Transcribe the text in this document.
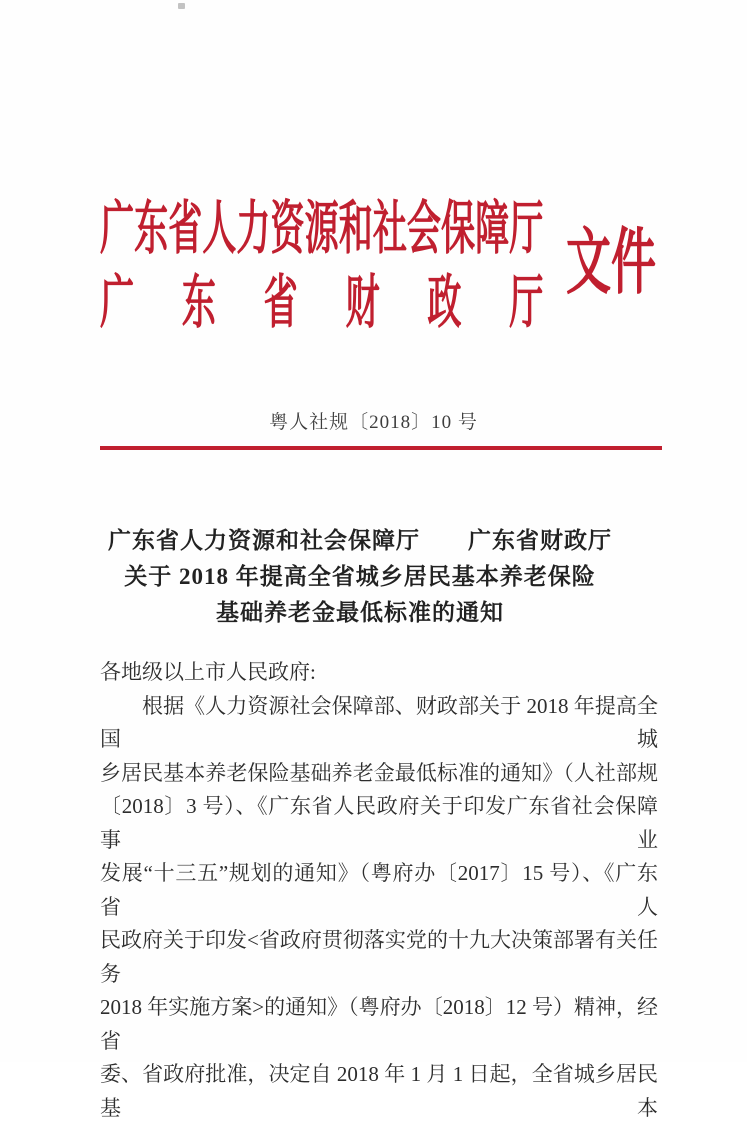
广东省人力资源和社会保障厅
广 东 省 财 政 厅 文件
粤人社规〔2018〕10 号
广东省人力资源和社会保障厅　　广东省财政厅
关于 2018 年提高全省城乡居民基本养老保险
基础养老金最低标准的通知
各地级以上市人民政府:
根据《人力资源社会保障部、财政部关于 2018 年提高全国城
乡居民基本养老保险基础养老金最低标准的通知》（人社部规
〔2018〕3 号）、《广东省人民政府关于印发广东省社会保障事业
发展“十三五”规划的通知》（粤府办〔2017〕15 号）、《广东省人
民政府关于印发<省政府贯彻落实党的十九大决策部署有关任务
2018 年实施方案>的通知》（粤府办〔2018〕12 号）精神，经省
委、省政府批准，决定自 2018 年 1 月 1 日起，全省城乡居民基本
